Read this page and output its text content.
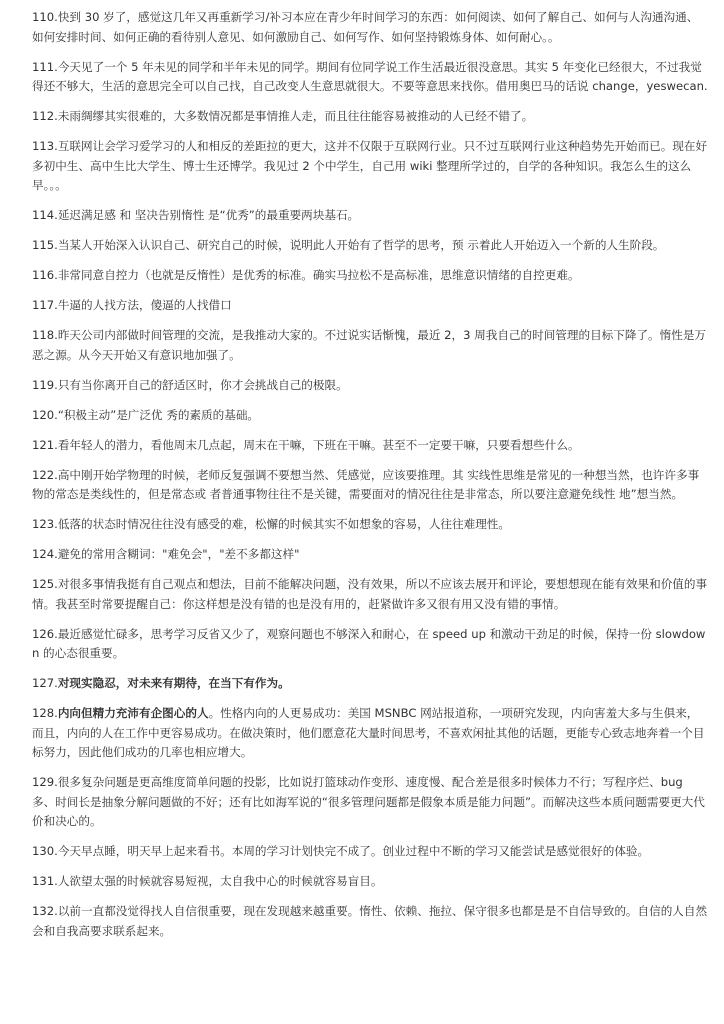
110.快到 30 岁了，感觉这几年又再重新学习/补习本应在青少年时间学习的东西：如何阅读、如何了解自己、如何与人沟通沟通、如何安排时间、如何正确的看待别人意见、如何激励自己、如何写作、如何坚持锻炼身体、如何耐心。。

111.今天见了一个 5 年未见的同学和半年未见的同学。期间有位同学说工作生活最近很没意思。其实 5 年变化已经很大，不过我觉得还不够大，生活的意思完全可以自己找，自己改变人生意思就很大。不要等意思来找你。借用奥巴马的话说 change，yeswecan.

112.未雨绸缪其实很难的，大多数情况都是事情推人走，而且往往能容易被推动的人已经不错了。

113.互联网让会学习爱学习的人和相反的差距拉的更大，这并不仅限于互联网行业。只不过互联网行业这种趋势先开始而已。现在好多初中生、高中生比大学生、博士生还博学。我见过 2 个中学生，自己用 wiki 整理所学过的，自学的各种知识。我怎么生的这么早。。。

114.延迟满足感 和 坚决告别惰性 是“优秀”的最重要两块基石。

115.当某人开始深入认识自己、研究自己的时候，说明此人开始有了哲学的思考，预 示着此人开始迈入一个新的人生阶段。

116.非常同意自控力（也就是反惰性）是优秀的标准。确实马拉松不是高标准，思维意识情绪的自控更难。

117.牛逼的人找方法，傻逼的人找借口

118.昨天公司内部做时间管理的交流，是我推动大家的。不过说实话惭愧，最近 2，3 周我自己的时间管理的目标下降了。惰性是万恶之源。从今天开始又有意识地加强了。

119.只有当你离开自己的舒适区时，你才会挑战自己的极限。

120.“积极主动”是广泛优 秀的素质的基础。

121.看年轻人的潜力，看他周末几点起，周末在干嘛，下班在干嘛。甚至不一定要干嘛，只要看想些什么。

122.高中刚开始学物理的时候，老师反复强调不要想当然、凭感觉，应该要推理。其 实线性思维是常见的一种想当然，也许许多事物的常态是类线性的，但是常态或 者普通事物往往不是关键，需要面对的情况往往是非常态，所以要注意避免线性 地”想当然。

123.低落的状态时情况往往没有感受的难，松懈的时候其实不如想象的容易，人往往难理性。

124.避免的常用含糊词："难免会"，"差不多都这样"

125.对很多事情我挺有自己观点和想法，目前不能解决问题，没有效果，所以不应该去展开和评论，要想想现在能有效果和价值的事情。我甚至时常要提醒自己：你这样想是没有错的也是没有用的，赶紧做许多又很有用又没有错的事情。

126.最近感觉忙碌多，思考学习反省又少了，观察问题也不够深入和耐心，在 speed up 和激动干劲足的时候，保持一份 slowdown 的心态很重要。

127.对现实隐忍，对未来有期待，在当下有作为。

128.内向但精力充沛有企图心的人。性格内向的人更易成功：美国 MSNBC 网站报道称，一项研究发现，内向害羞大多与生俱来，而且，内向的人在工作中更容易成功。在做决策时，他们愿意花大量时间思考，不喜欢闲扯其他的话题，更能专心致志地奔着一个目标努力，因此他们成功的几率也相应增大。

129.很多复杂问题是更高维度简单问题的投影，比如说打篮球动作变形、速度慢、配合差是很多时候体力不行；写程序烂、bug 多、时间长是抽象分解问题做的不好；还有比如海军说的“很多管理问题都是假象本质是能力问题”。而解决这些本质问题需要更大代价和决心的。

130.今天早点睡，明天早上起来看书。本周的学习计划快完不成了。创业过程中不断的学习又能尝试是感觉很好的体验。

131.人欲望太强的时候就容易短视，太自我中心的时候就容易盲目。

132.以前一直都没觉得找人自信很重要，现在发现越来越重要。惰性、依赖、拖拉、保守很多也都是是不自信导致的。自信的人自然会和自我高要求联系起来。
